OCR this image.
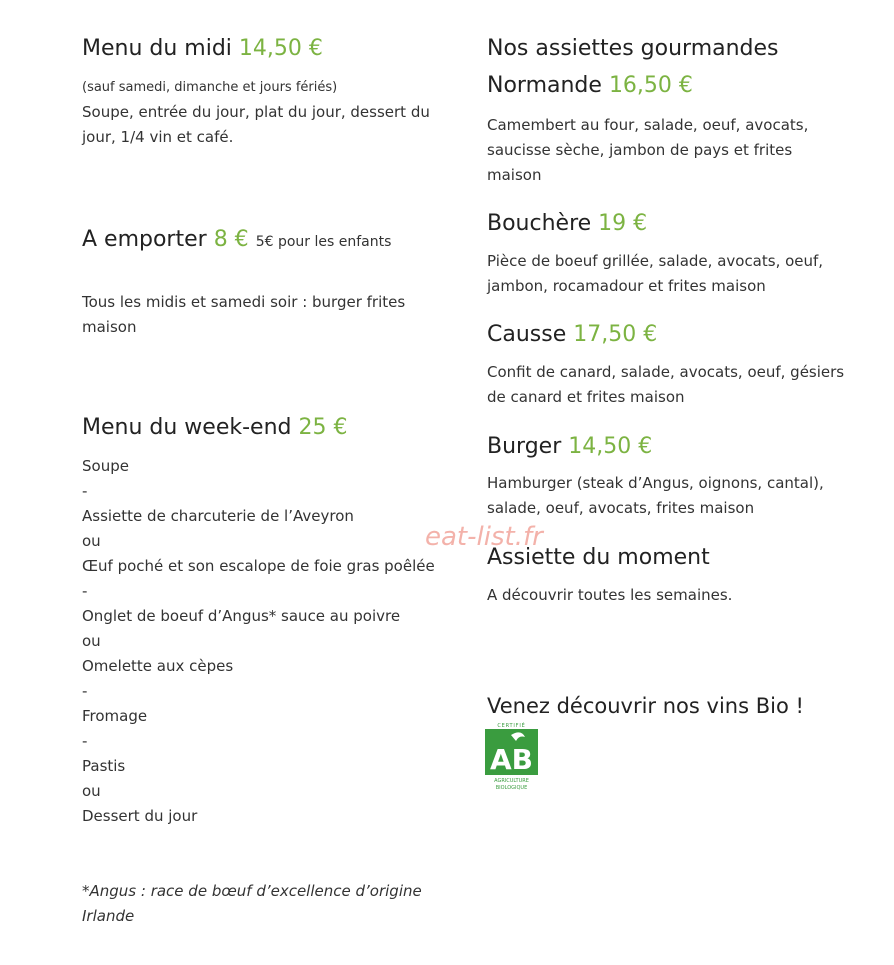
Menu du midi 14,50 €
(sauf samedi, dimanche et jours fériés)

Soupe, entrée du jour, plat du jour, dessert du jour, 1/4 vin et café.

A emporter 8 € 5€ pour les enfants

Tous les midis et samedi soir : burger frites maison

Menu du week-end 25 €

Soupe

-

Assiette de charcuterie de l’Aveyron

ou

Œuf poché et son escalope de foie gras poêlée

-

Onglet de boeuf d’Angus* sauce au poivre

ou

Omelette aux cèpes

-

Fromage

-

Pastis

ou

Dessert du jour

*Angus : race de bœuf d’excellence d’origine Irlande

Nos assiettes gourmandes
Normande 16,50 €

Camembert au four, salade, oeuf, avocats, saucisse sèche, jambon de pays et frites maison

Bouchère 19 €

Pièce de boeuf grillée, salade, avocats, oeuf, jambon, rocamadour et frites maison

Causse 17,50 €

Confit de canard, salade, avocats, oeuf, gésiers de canard et frites maison

Burger 14,50 €

Hamburger (steak d’Angus, oignons, cantal), salade, oeuf, avocats, frites maison

Assiette du moment

A découvrir toutes les semaines.

Venez découvrir nos vins Bio !
CERTIFIÉ
AB
AGRICULTURE
BIOLOGIQUE
eat-list.fr
